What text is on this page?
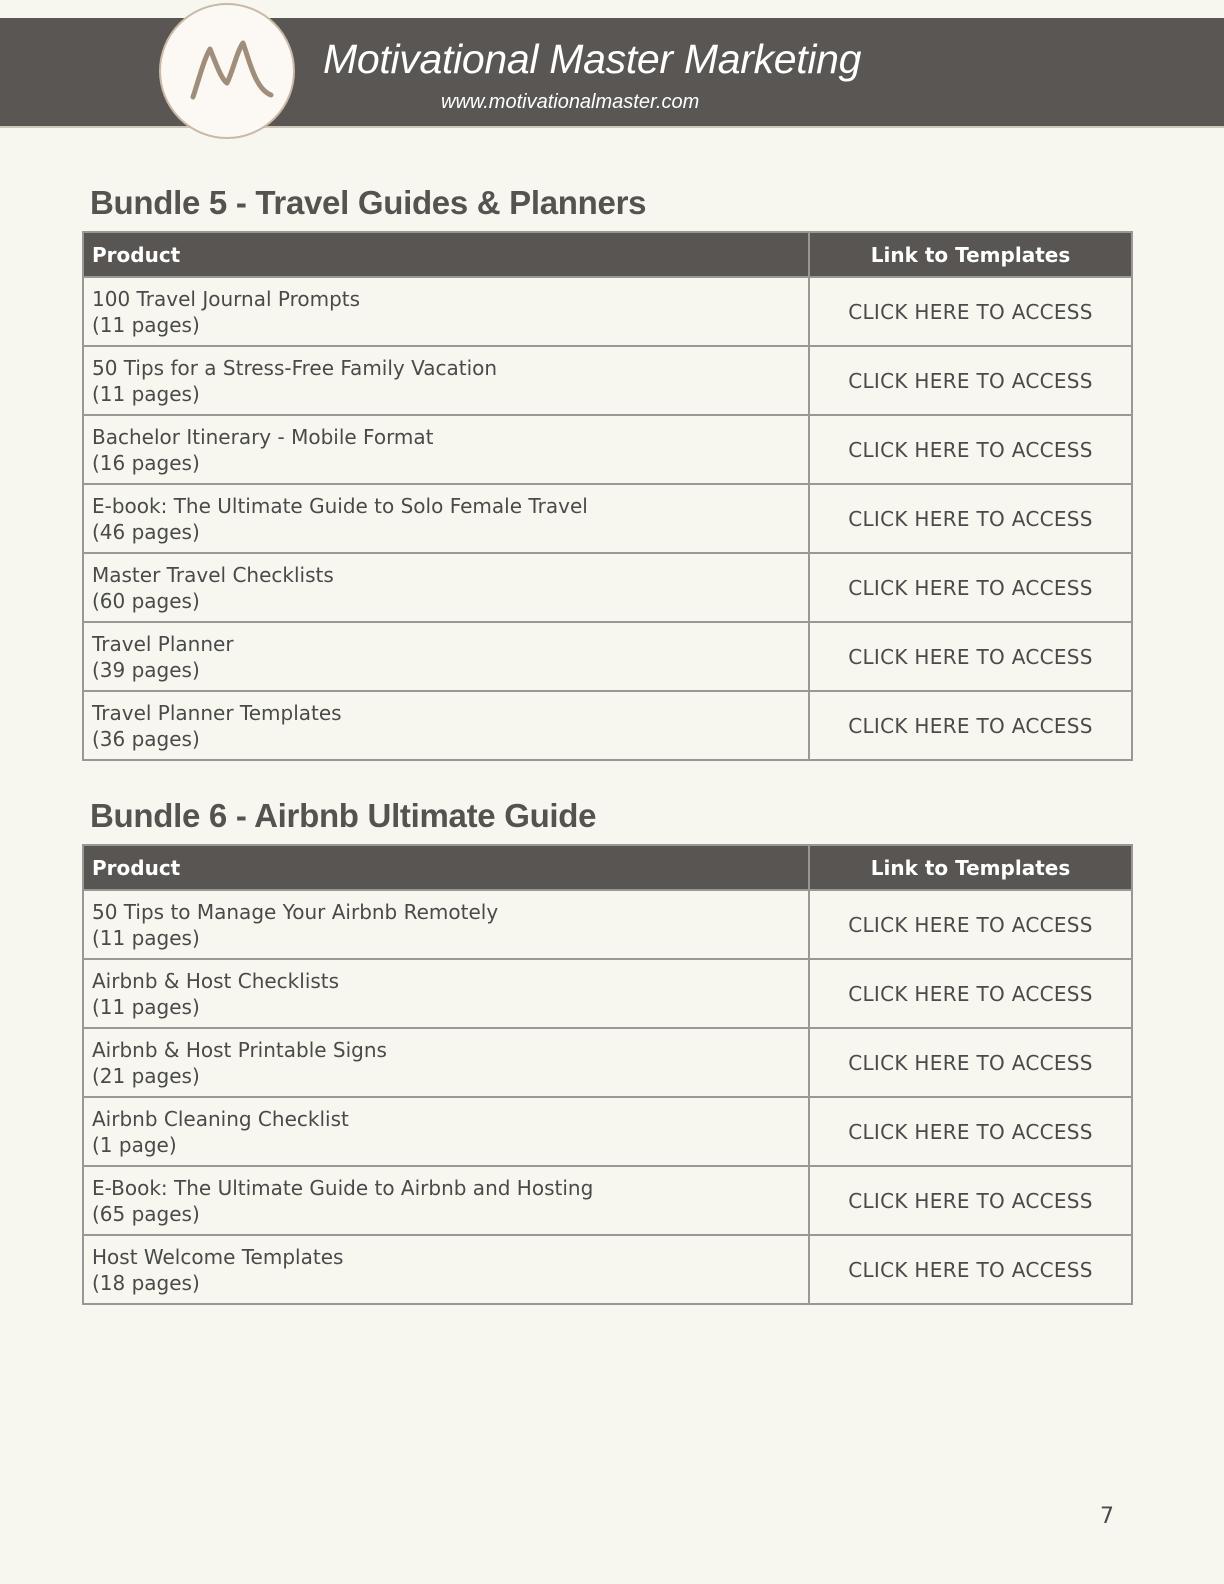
Motivational Master Marketing
www.motivationalmaster.com
Bundle 5 - Travel Guides & Planners
Product	Link to Templates

100 Travel Journal Prompts
(11 pages)	CLICK HERE TO ACCESS

50 Tips for a Stress-Free Family Vacation
(11 pages)	CLICK HERE TO ACCESS

Bachelor Itinerary - Mobile Format
(16 pages)	CLICK HERE TO ACCESS

E-book: The Ultimate Guide to Solo Female Travel
(46 pages)	CLICK HERE TO ACCESS

Master Travel Checklists
(60 pages)	CLICK HERE TO ACCESS

Travel Planner
(39 pages)	CLICK HERE TO ACCESS

Travel Planner Templates
(36 pages)	CLICK HERE TO ACCESS
Bundle 6 - Airbnb Ultimate Guide
Product	Link to Templates

50 Tips to Manage Your Airbnb Remotely
(11 pages)	CLICK HERE TO ACCESS

Airbnb & Host Checklists
(11 pages)	CLICK HERE TO ACCESS

Airbnb & Host Printable Signs
(21 pages)	CLICK HERE TO ACCESS

Airbnb Cleaning Checklist
(1 page)	CLICK HERE TO ACCESS

E-Book: The Ultimate Guide to Airbnb and Hosting
(65 pages)	CLICK HERE TO ACCESS

Host Welcome Templates
(18 pages)	CLICK HERE TO ACCESS
7
